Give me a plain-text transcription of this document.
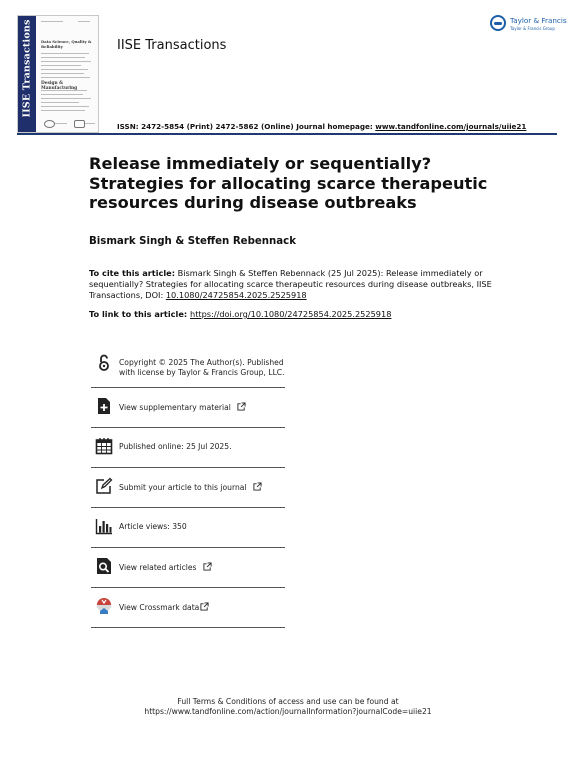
IISE Transactions Data Science, Quality &
Reliability
Design & Manufacturing
IISE Transactions
Taylor & Francis
Taylor & Francis Group
ISSN: 2472-5854 (Print) 2472-5862 (Online) Journal homepage: www.tandfonline.com/journals/uiie21
Release immediately or sequentially? Strategies for allocating scarce therapeutic resources during disease outbreaks
Bismark Singh & Steffen Rebennack
To cite this article: Bismark Singh & Steffen Rebennack (25 Jul 2025): Release immediately or sequentially? Strategies for allocating scarce therapeutic resources during disease outbreaks, IISE Transactions, DOI: 10.1080/24725854.2025.2525918
To link to this article: https://doi.org/10.1080/24725854.2025.2525918
Copyright © 2025 The Author(s). Published
with license by Taylor & Francis Group, LLC.
View supplementary material
Published online: 25 Jul 2025.
Submit your article to this journal
Article views: 350
View related articles
View Crossmark data
Full Terms & Conditions of access and use can be found at
https://www.tandfonline.com/action/journalInformation?journalCode=uiie21
